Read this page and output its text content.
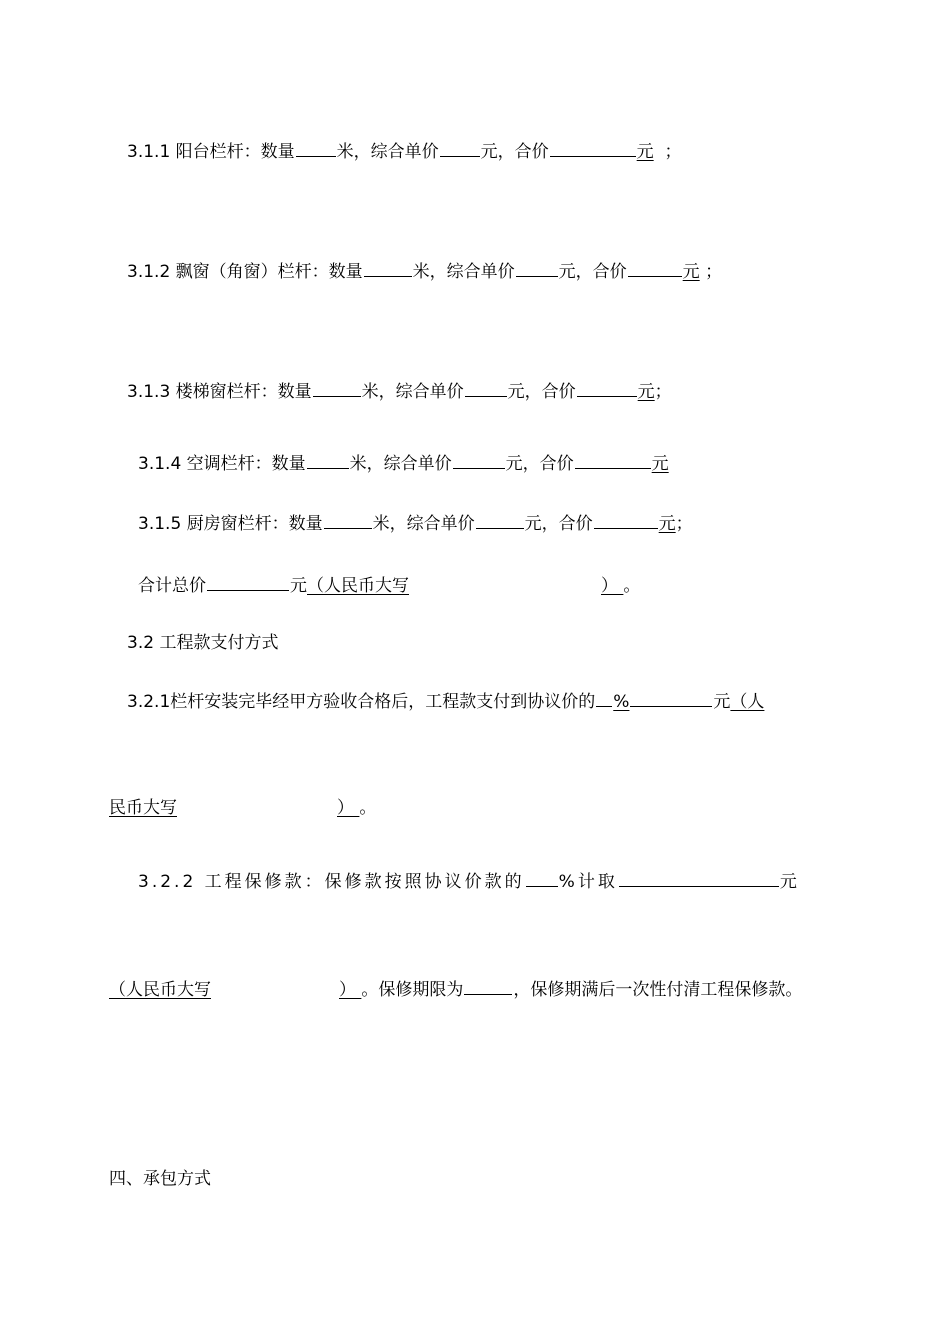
3.1.1 阳台栏杆：数量 米，综合单价 元，合价	元 ；
3.1.2 飘窗（角窗）栏杆：数量	米，综合单价	元，合价	元 ；
3.1.3 楼梯窗栏杆：数量	米，综合单价	元，合价	元；
3.1.4 空调栏杆：数量	米，综合单价	元，合价	元
3.1.5 厨房窗栏杆：数量	米，综合单价	元，合价	元；
合计总价	元（人民币大写	） 。
3.2 工程款支付方式
3.2.1栏杆安装完毕经甲方验收合格后，工程款支付到协议价的 %	元（人
民币大写	） 。
3.2.2 工程保修款：保修款按照协议价款的 %计取	元
（人民币大写	） 。保修期限为	，保修期满后一次性付清工程保修款。
四、承包方式
